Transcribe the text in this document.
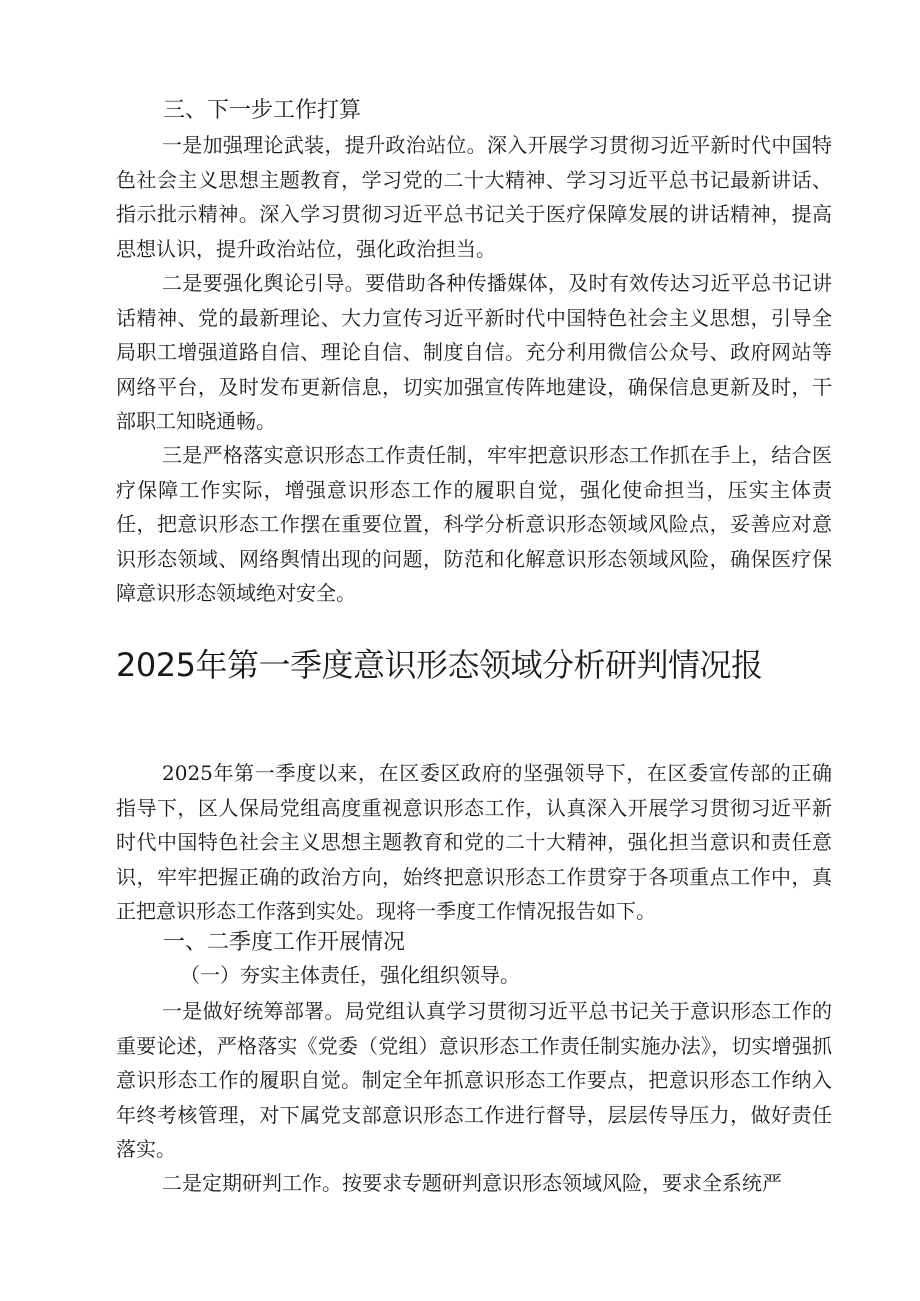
三、下一步工作打算

一是加强理论武装，提升政治站位。深入开展学习贯彻习近平新时代中国特色社会主义思想主题教育，学习党的二十大精神、学习习近平总书记最新讲话、指示批示精神。深入学习贯彻习近平总书记关于医疗保障发展的讲话精神，提高思想认识，提升政治站位，强化政治担当。

二是要强化舆论引导。要借助各种传播媒体，及时有效传达习近平总书记讲话精神、党的最新理论、大力宣传习近平新时代中国特色社会主义思想，引导全局职工增强道路自信、理论自信、制度自信。充分利用微信公众号、政府网站等网络平台，及时发布更新信息，切实加强宣传阵地建设，确保信息更新及时，干部职工知晓通畅。

三是严格落实意识形态工作责任制，牢牢把意识形态工作抓在手上，结合医疗保障工作实际，增强意识形态工作的履职自觉，强化使命担当，压实主体责任，把意识形态工作摆在重要位置，科学分析意识形态领域风险点，妥善应对意识形态领域、网络舆情出现的问题，防范和化解意识形态领域风险，确保医疗保障意识形态领域绝对安全。

2025年第一季度意识形态领域分析研判情况报

2025年第一季度以来，在区委区政府的坚强领导下，在区委宣传部的正确指导下，区人保局党组高度重视意识形态工作，认真深入开展学习贯彻习近平新时代中国特色社会主义思想主题教育和党的二十大精神，强化担当意识和责任意识，牢牢把握正确的政治方向，始终把意识形态工作贯穿于各项重点工作中，真正把意识形态工作落到实处。现将一季度工作情况报告如下。

一、二季度工作开展情况
（一）夯实主体责任，强化组织领导。

一是做好统筹部署。局党组认真学习贯彻习近平总书记关于意识形态工作的重要论述，严格落实《党委（党组）意识形态工作责任制实施办法》，切实增强抓意识形态工作的履职自觉。制定全年抓意识形态工作要点，把意识形态工作纳入年终考核管理，对下属党支部意识形态工作进行督导，层层传导压力，做好责任落实。

二是定期研判工作。按要求专题研判意识形态领域风险，要求全系统严
